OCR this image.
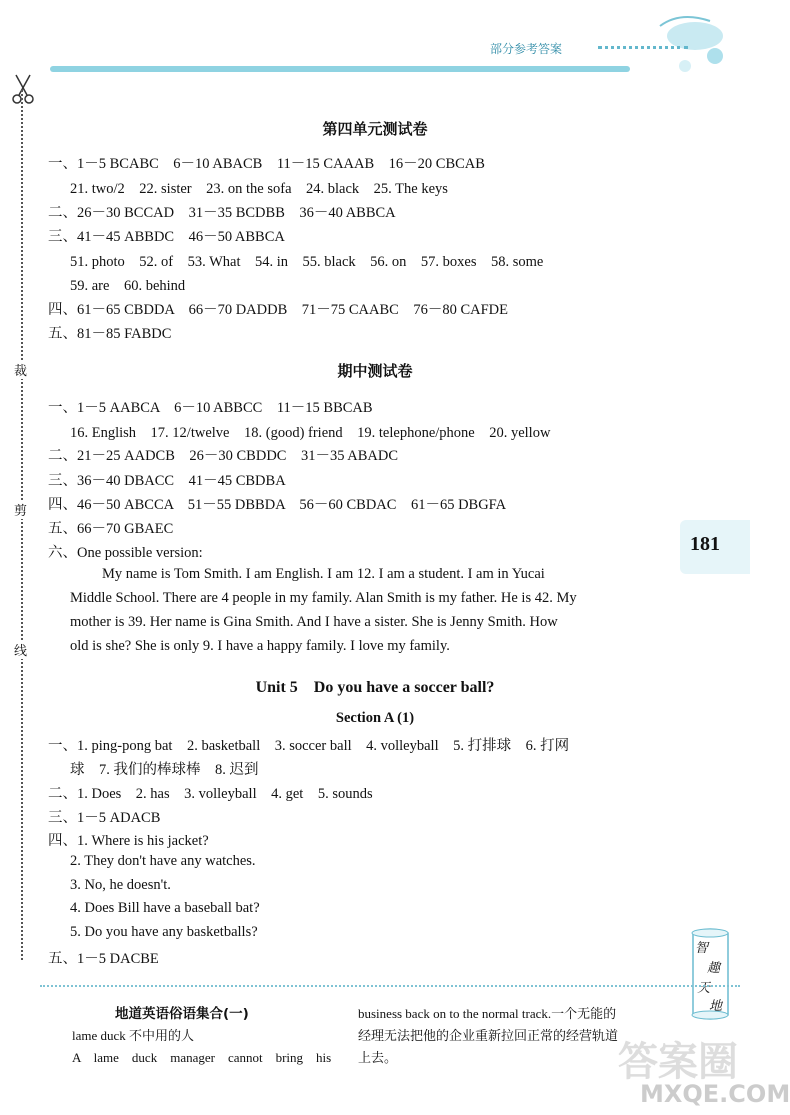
部分参考答案
裁
剪
线
181
第四单元测试卷
一、1－5 BCABC　6－10 ABACB　11－15 CAAAB　16－20 CBCAB
21. two/2　22. sister　23. on the sofa　24. black　25. The keys
二、26－30 BCCAD　31－35 BCDBB　36－40 ABBCA
三、41－45 ABBDC　46－50 ABBCA
51. photo　52. of　53. What　54. in　55. black　56. on　57. boxes　58. some
59. are　60. behind
四、61－65 CBDDA　66－70 DADDB　71－75 CAABC　76－80 CAFDE
五、81－85 FABDC
期中测试卷
一、1－5 AABCA　6－10 ABBCC　11－15 BBCAB
16. English　17. 12/twelve　18. (good) friend　19. telephone/phone　20. yellow
二、21－25 AADCB　26－30 CBDDC　31－35 ABADC
三、36－40 DBACC　41－45 CBDBA
四、46－50 ABCCA　51－55 DBBDA　56－60 CBDAC　61－65 DBGFA
五、66－70 GBAEC
六、One possible version:
My name is Tom Smith. I am English. I am 12. I am a student. I am in Yucai
Middle School. There are 4 people in my family. Alan Smith is my father. He is 42. My
mother is 39. Her name is Gina Smith. And I have a sister. She is Jenny Smith. How
old is she? She is only 9. I have a happy family. I love my family.
Unit 5　Do you have a soccer ball?
Section A (1)
一、1. ping-pong bat　2. basketball　3. soccer ball　4. volleyball　5. 打排球　6. 打网
球　7. 我们的棒球棒　8. 迟到
二、1. Does　2. has　3. volleyball　4. get　5. sounds
三、1－5 ADACB
四、1. Where is his jacket?
2. They don't have any watches.
3. No, he doesn't.
4. Does Bill have a baseball bat?
5. Do you have any basketballs?
五、1－5 DACBE
智
趣
天
地
地道英语俗语集合(一)
lame duck 不中用的人
A　lame　duck　manager　cannot　bring　his
business back on to the normal track.一个无能的
经理无法把他的企业重新拉回正常的经营轨道
上去。	答案圈
MXQE.COM
